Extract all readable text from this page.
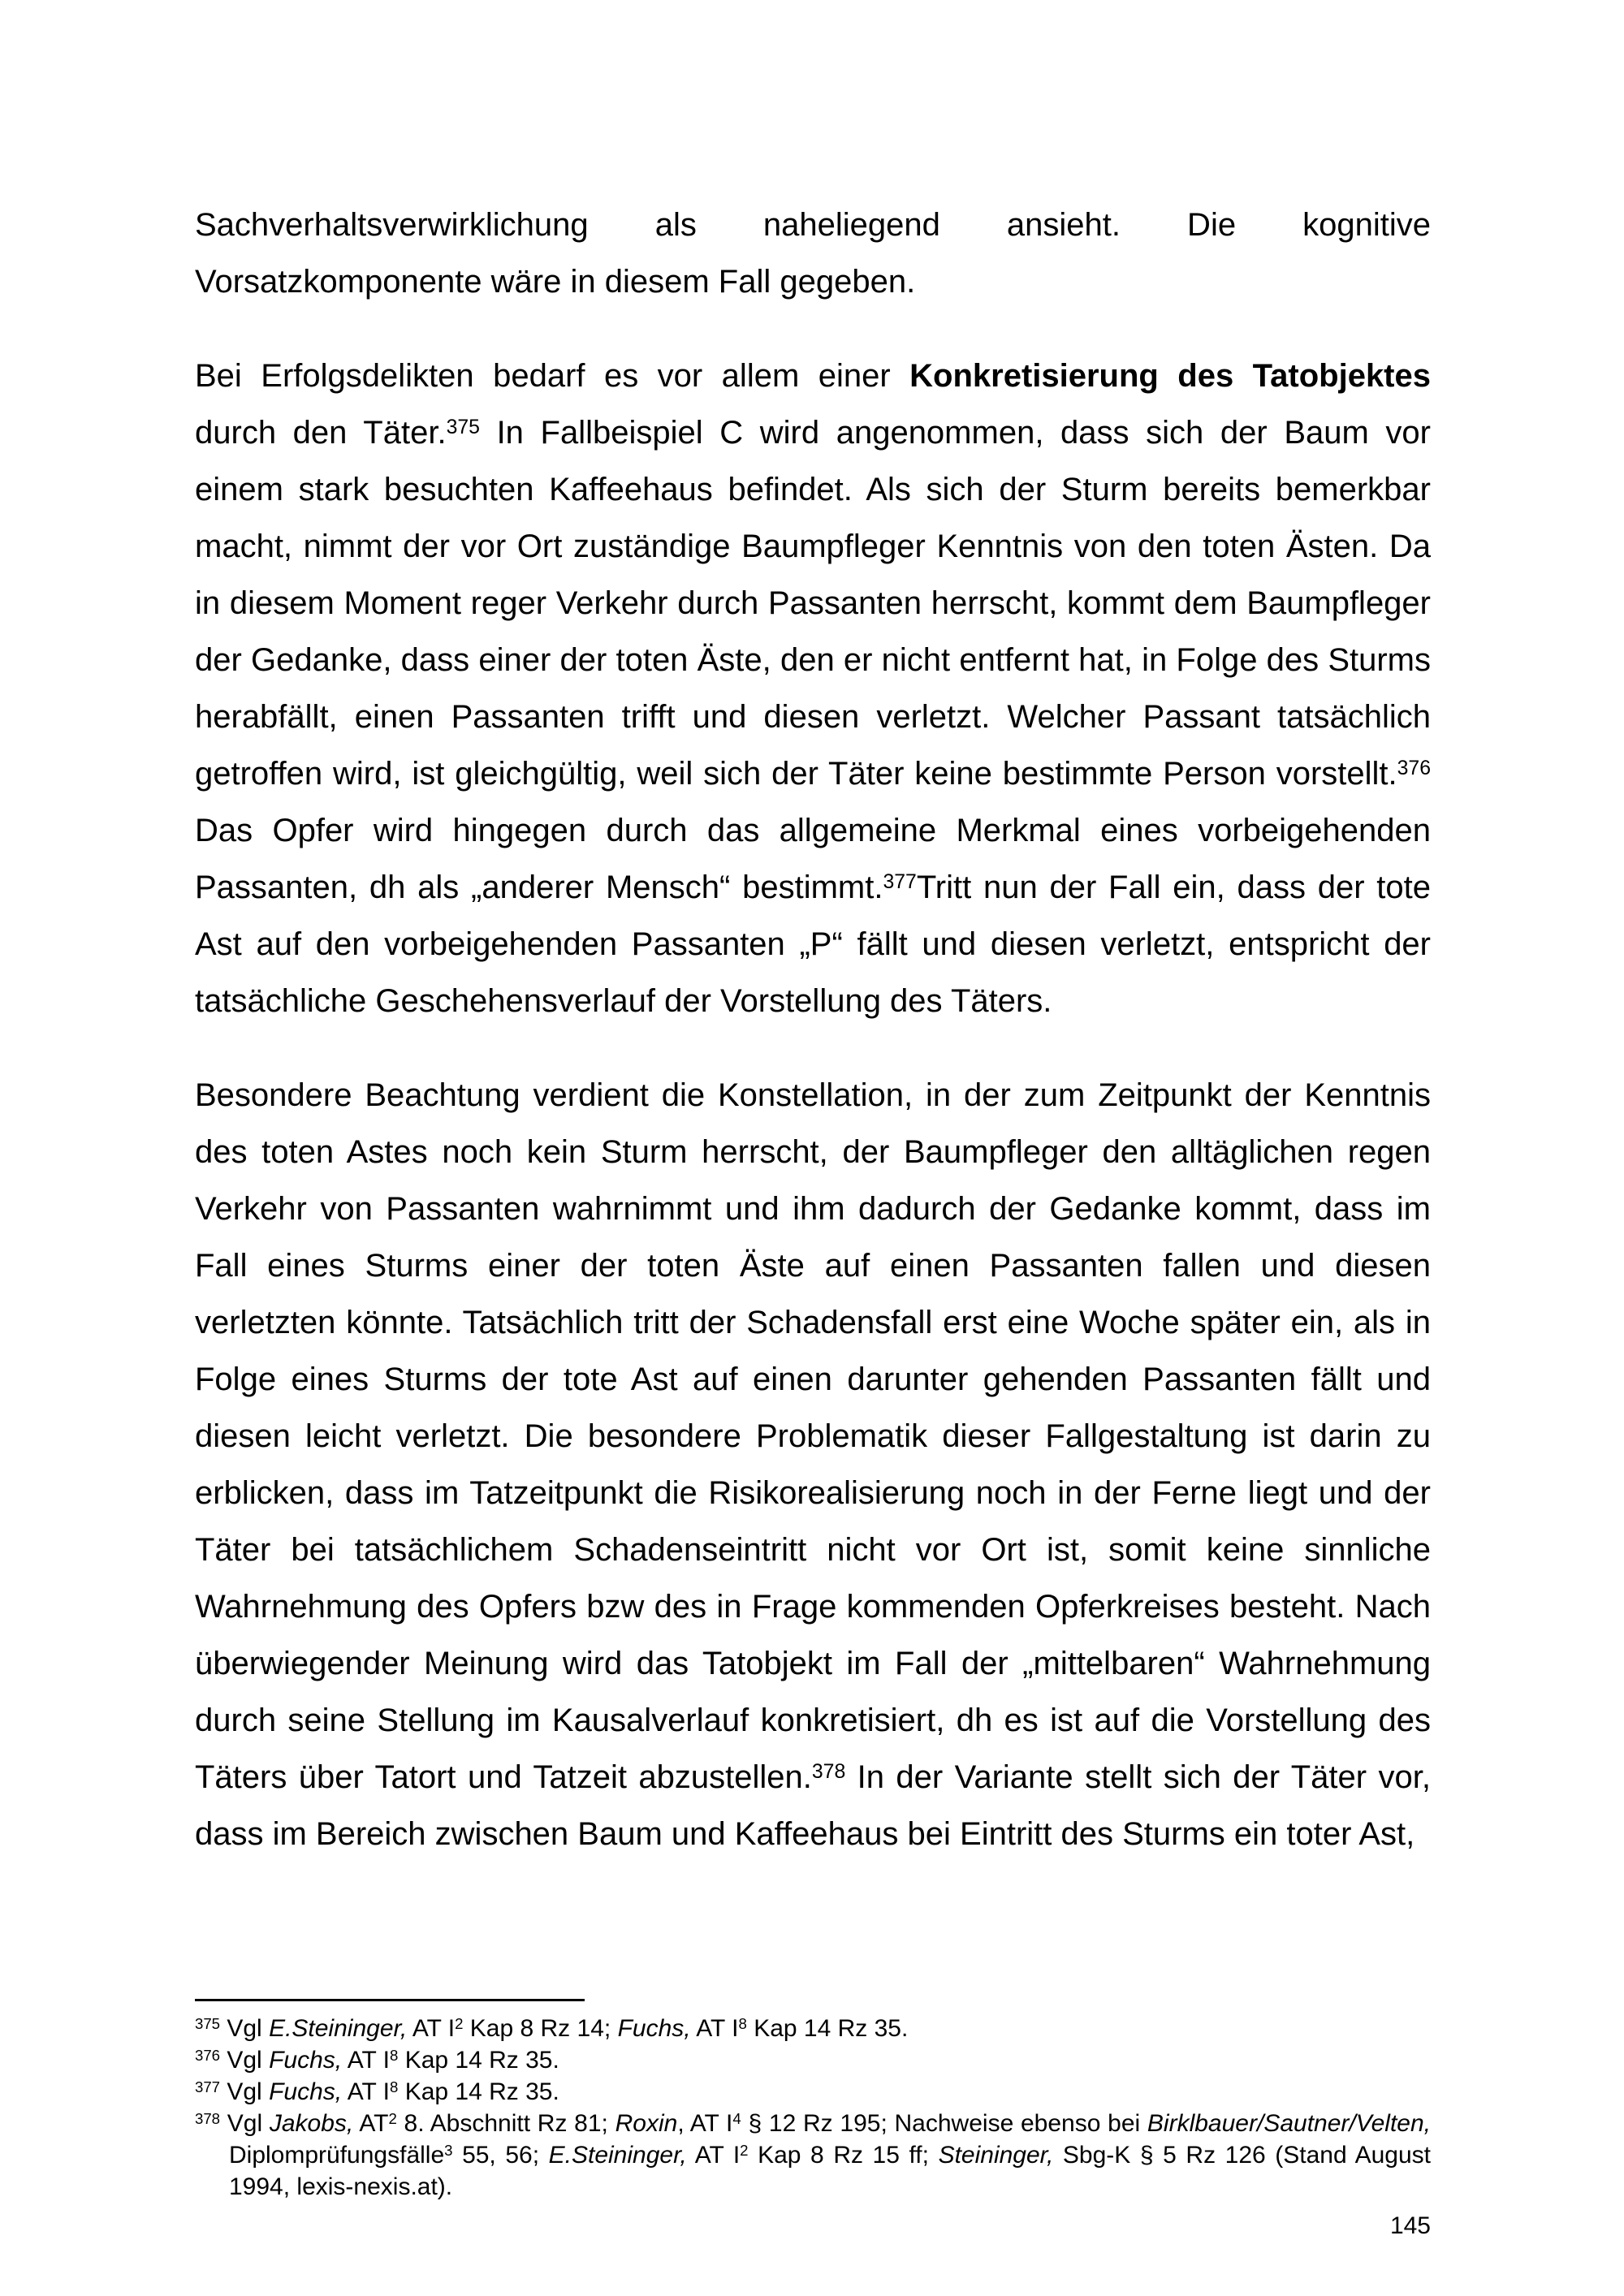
Sachverhaltsverwirklichung als naheliegend ansieht. Die kognitive Vorsatzkomponente wäre in diesem Fall gegeben.

Bei Erfolgsdelikten bedarf es vor allem einer Konkretisierung des Tatobjektes durch den Täter.$^{375}$ In Fallbeispiel C wird angenommen, dass sich der Baum vor einem stark besuchten Kaffeehaus befindet. Als sich der Sturm bereits bemerkbar macht, nimmt der vor Ort zuständige Baumpfleger Kenntnis von den toten Ästen. Da in diesem Moment reger Verkehr durch Passanten herrscht, kommt dem Baumpfleger der Gedanke, dass einer der toten Äste, den er nicht entfernt hat, in Folge des Sturms herabfällt, einen Passanten trifft und diesen verletzt. Welcher Passant tatsächlich getroffen wird, ist gleichgültig, weil sich der Täter keine bestimmte Person vorstellt.$^{376}$ Das Opfer wird hingegen durch das allgemeine Merkmal eines vorbeigehenden Passanten, dh als „anderer Mensch“ bestimmt.$^{377}$Tritt nun der Fall ein, dass der tote Ast auf den vorbeigehenden Passanten „P“ fällt und diesen verletzt, entspricht der tatsächliche Geschehensverlauf der Vorstellung des Täters.

Besondere Beachtung verdient die Konstellation, in der zum Zeitpunkt der Kenntnis des toten Astes noch kein Sturm herrscht, der Baumpfleger den alltäglichen regen Verkehr von Passanten wahrnimmt und ihm dadurch der Gedanke kommt, dass im Fall eines Sturms einer der toten Äste auf einen Passanten fallen und diesen verletzten könnte. Tatsächlich tritt der Schadensfall erst eine Woche später ein, als in Folge eines Sturms der tote Ast auf einen darunter gehenden Passanten fällt und diesen leicht verletzt. Die besondere Problematik dieser Fallgestaltung ist darin zu erblicken, dass im Tatzeitpunkt die Risikorealisierung noch in der Ferne liegt und der Täter bei tatsächlichem Schadenseintritt nicht vor Ort ist, somit keine sinnliche Wahrnehmung des Opfers bzw des in Frage kommenden Opferkreises besteht. Nach überwiegender Meinung wird das Tatobjekt im Fall der „mittelbaren“ Wahrnehmung durch seine Stellung im Kausalverlauf konkretisiert, dh es ist auf die Vorstellung des Täters über Tatort und Tatzeit abzustellen.$^{378}$ In der Variante stellt sich der Täter vor, dass im Bereich zwischen Baum und Kaffeehaus bei Eintritt des Sturms ein toter Ast,

$^{375}$ Vgl E.Steininger, AT $I^2$ Kap 8 Rz 14; Fuchs, AT $I^8$ Kap 14 Rz 35.
$^{376}$ Vgl Fuchs, AT $I^8$ Kap 14 Rz 35.
$^{377}$ Vgl Fuchs, AT $I^8$ Kap 14 Rz 35.
$^{378}$ Vgl Jakobs, $AT^2$ 8. Abschnitt Rz 81; Roxin, AT $I^4$ § 12 Rz 195; Nachweise ebenso bei Birklbauer/Sautner/Velten, Diplomprüfungsfälle$^3$ 55, 56; E.Steininger, AT $I^2$ Kap 8 Rz 15 ff; Steininger, Sbg-K § 5 Rz 126 (Stand August 1994, lexis-nexis.at).
145
